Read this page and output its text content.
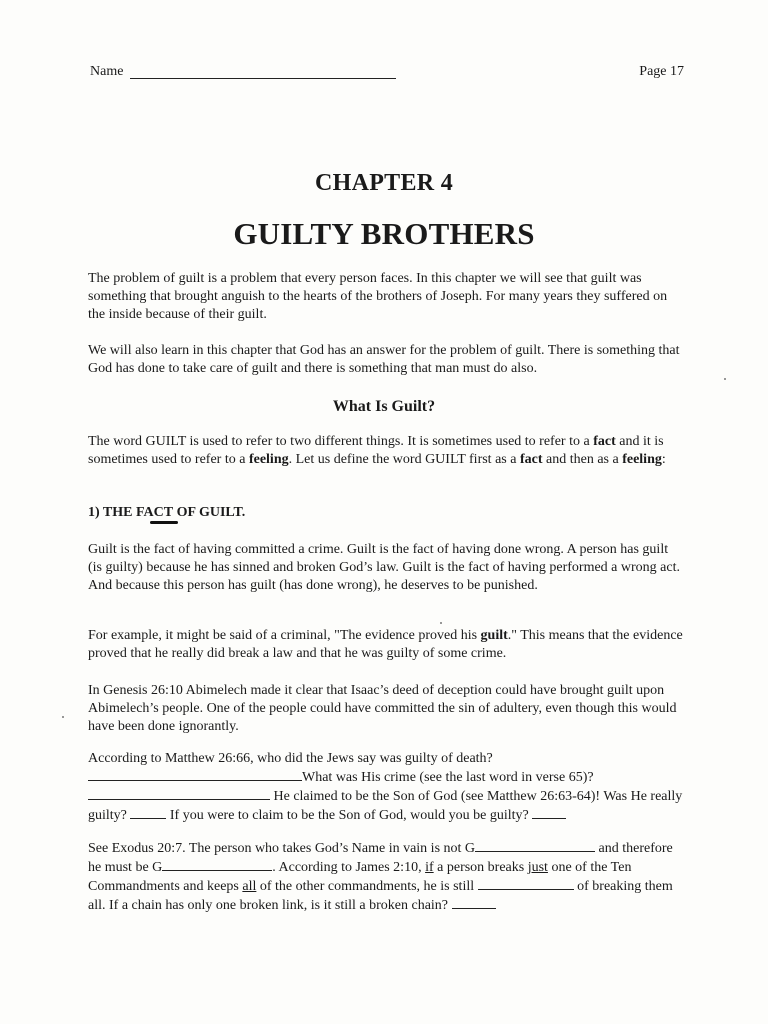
Name	Page 17
CHAPTER 4
GUILTY BROTHERS

The problem of guilt is a problem that every person faces. In this chapter we will see that guilt was something that brought anguish to the hearts of the brothers of Joseph. For many years they suffered on the inside because of their guilt.

We will also learn in this chapter that God has an answer for the problem of guilt. There is something that God has done to take care of guilt and there is something that man must do also.

What Is Guilt?

The word GUILT is used to refer to two different things. It is sometimes used to refer to a fact and it is sometimes used to refer to a feeling. Let us define the word GUILT first as a fact and then as a feeling:

1) THE FACT
OF GUILT.

Guilt is the fact of having committed a crime. Guilt is the fact of having done wrong. A person has guilt (is guilty) because he has sinned and broken God’s law. Guilt is the fact of having performed a wrong act. And because this person has guilt (has done wrong), he deserves to be punished.

For example, it might be said of a criminal, "The evidence proved his guilt." This means that the evidence proved that he really did break a law and that he was guilty of some crime.

In Genesis 26:10 Abimelech made it clear that Isaac’s deed of deception could have brought guilt upon Abimelech’s people. One of the people could have committed the sin of adultery, even though this would have been done ignorantly.

According to Matthew 26:66, who did the Jews say was guilty of death?
What was His crime (see the last word in verse 65)?
He claimed to be the Son of God (see Matthew 26:63-64)! Was He really guilty?	If you were to claim to be the Son of God, would you be guilty?

See Exodus 20:7. The person who takes God’s Name in vain is not G	and therefore he must be G	. According to James 2:10, if a person breaks just one of the Ten Commandments and keeps all of the other commandments, he is still	of breaking them all. If a chain has only one broken link, is it still a broken chain?
